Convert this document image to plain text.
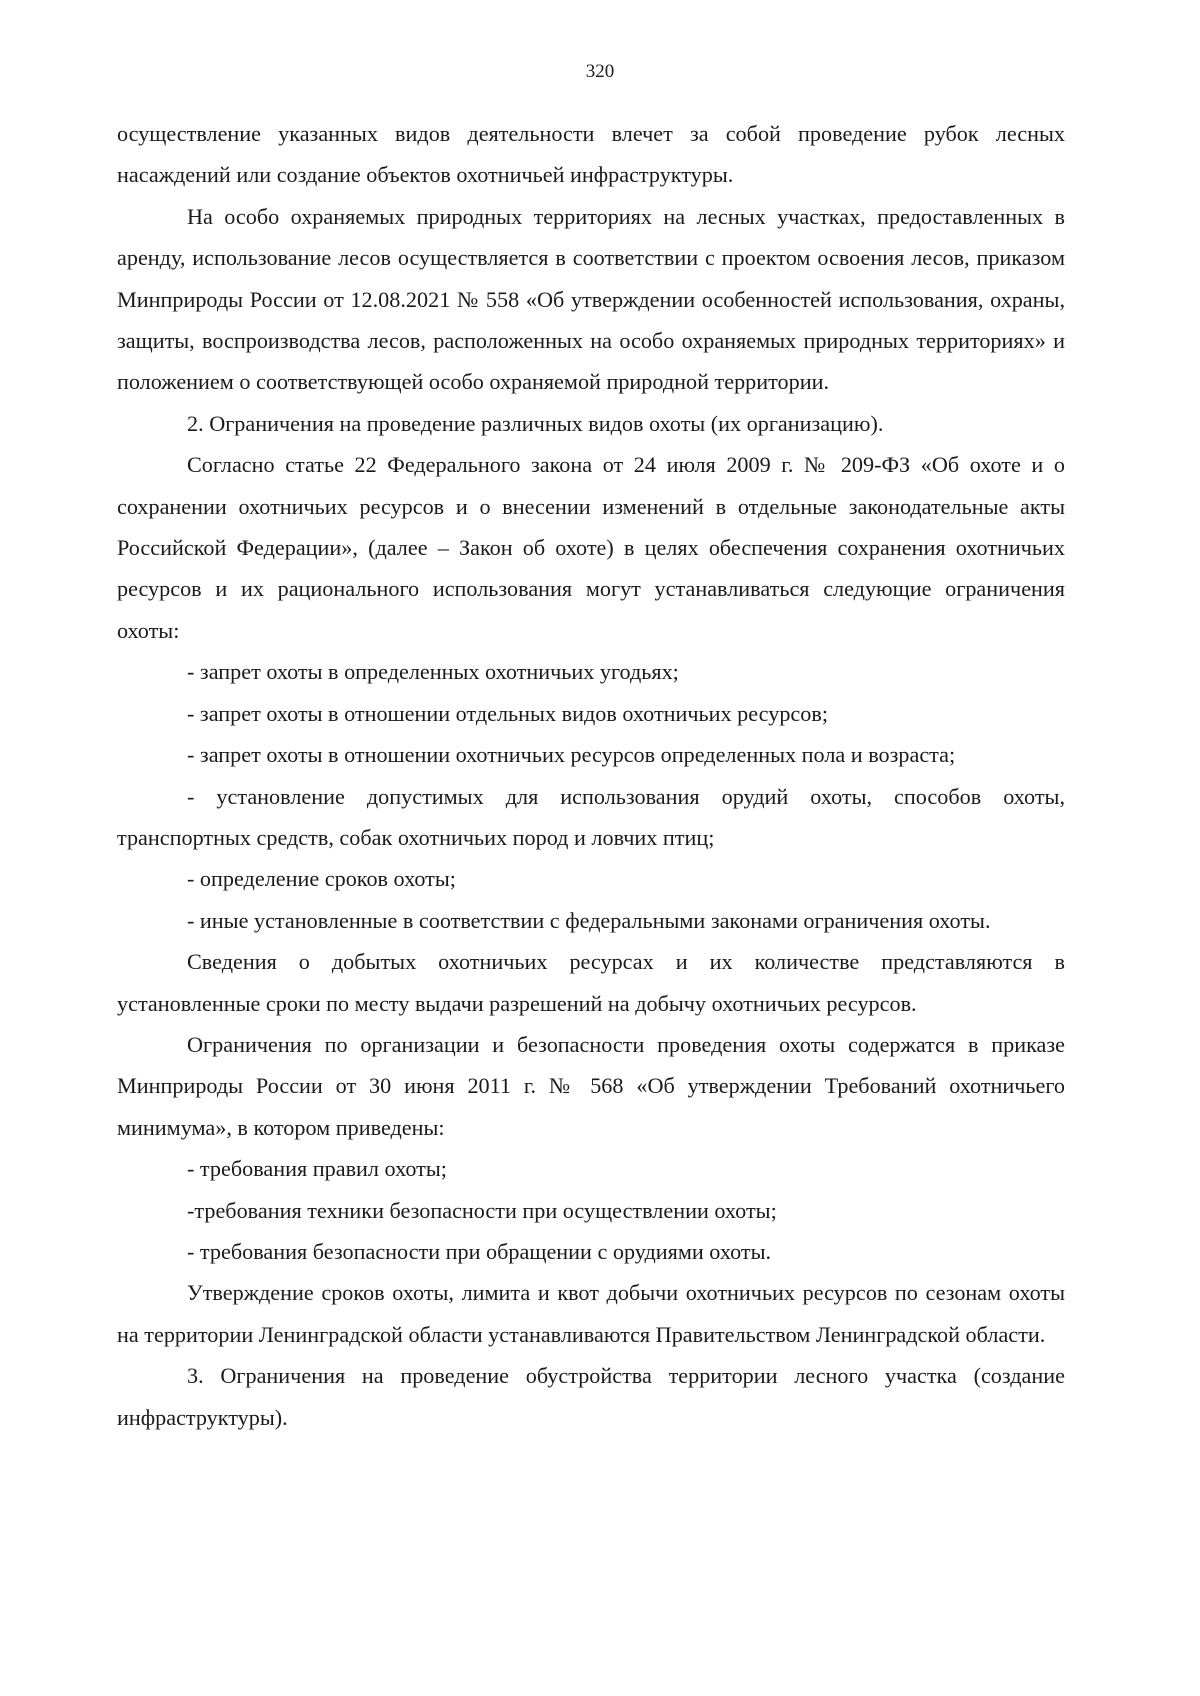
320

осуществление указанных видов деятельности влечет за собой проведение рубок лесных насаждений или создание объектов охотничьей инфраструктуры.

На особо охраняемых природных территориях на лесных участках, предоставленных в аренду, использование лесов осуществляется в соответствии с проектом освоения лесов, приказом Минприроды России от 12.08.2021 № 558 «Об утверждении особенностей использования, охраны, защиты, воспроизводства лесов, расположенных на особо охраняемых природных территориях» и положением о соответствующей особо охраняемой природной территории.

2. Ограничения на проведение различных видов охоты (их организацию).

Согласно статье 22 Федерального закона от 24 июля 2009 г. № 209-ФЗ «Об охоте и о сохранении охотничьих ресурсов и о внесении изменений в отдельные законодательные акты Российской Федерации», (далее – Закон об охоте) в целях обеспечения сохранения охотничьих ресурсов и их рационального использования могут устанавливаться следующие ограничения охоты:

- запрет охоты в определенных охотничьих угодьях;

- запрет охоты в отношении отдельных видов охотничьих ресурсов;

- запрет охоты в отношении охотничьих ресурсов определенных пола и возраста;

- установление допустимых для использования орудий охоты, способов охоты, транспортных средств, собак охотничьих пород и ловчих птиц;

- определение сроков охоты;

- иные установленные в соответствии с федеральными законами ограничения охоты.

Сведения о добытых охотничьих ресурсах и их количестве представляются в установленные сроки по месту выдачи разрешений на добычу охотничьих ресурсов.

Ограничения по организации и безопасности проведения охоты содержатся в приказе Минприроды России от 30 июня 2011 г. № 568 «Об утверждении Требований охотничьего минимума», в котором приведены:

- требования правил охоты;

-требования техники безопасности при осуществлении охоты;

- требования безопасности при обращении с орудиями охоты.

Утверждение сроков охоты, лимита и квот добычи охотничьих ресурсов по сезонам охоты на территории Ленинградской области устанавливаются Правительством Ленинградской области.

3. Ограничения на проведение обустройства территории лесного участка (создание инфраструктуры).
